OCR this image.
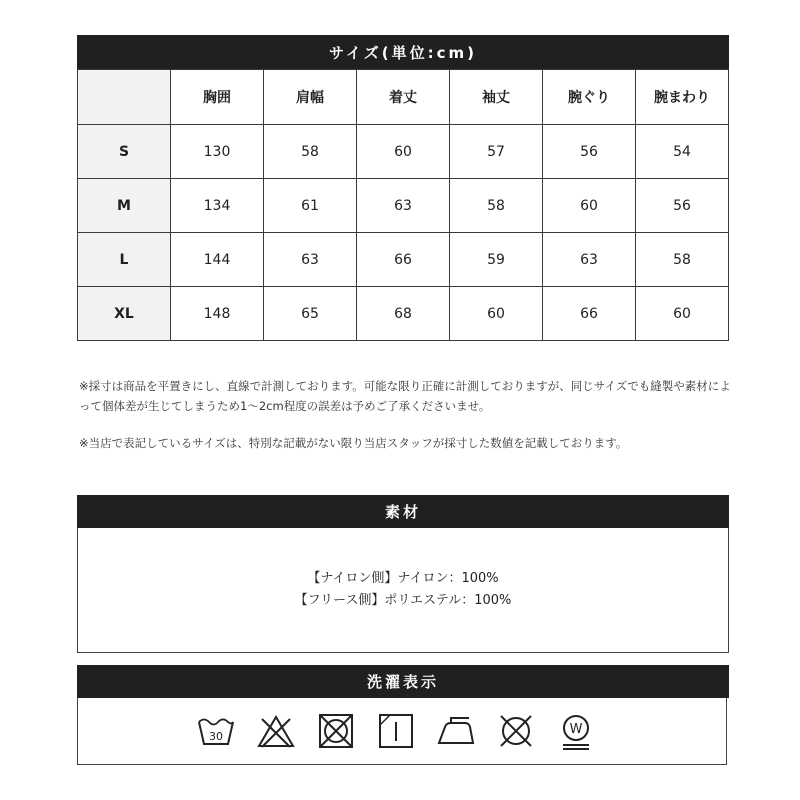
サイズ(単位:cm)
	胸囲	肩幅	着丈	袖丈	腕ぐり	腕まわり
S	130	58	60	57	56	54
M	134	61	63	58	60	56
L	144	63	66	59	63	58
XL	148	65	68	60	66	60

※採寸は商品を平置きにし、直線で計測しております。可能な限り正確に計測しておりますが、同じサイズでも縫製や素材によって個体差が生じてしまうため1〜2cm程度の誤差は予めご了承くださいませ。

※当店で表記しているサイズは、特別な記載がない限り当店スタッフが採寸した数値を記載しております。

素材
【ナイロン側】ナイロン：100%
【フリース側】ポリエステル：100%
洗濯表示
30	W
